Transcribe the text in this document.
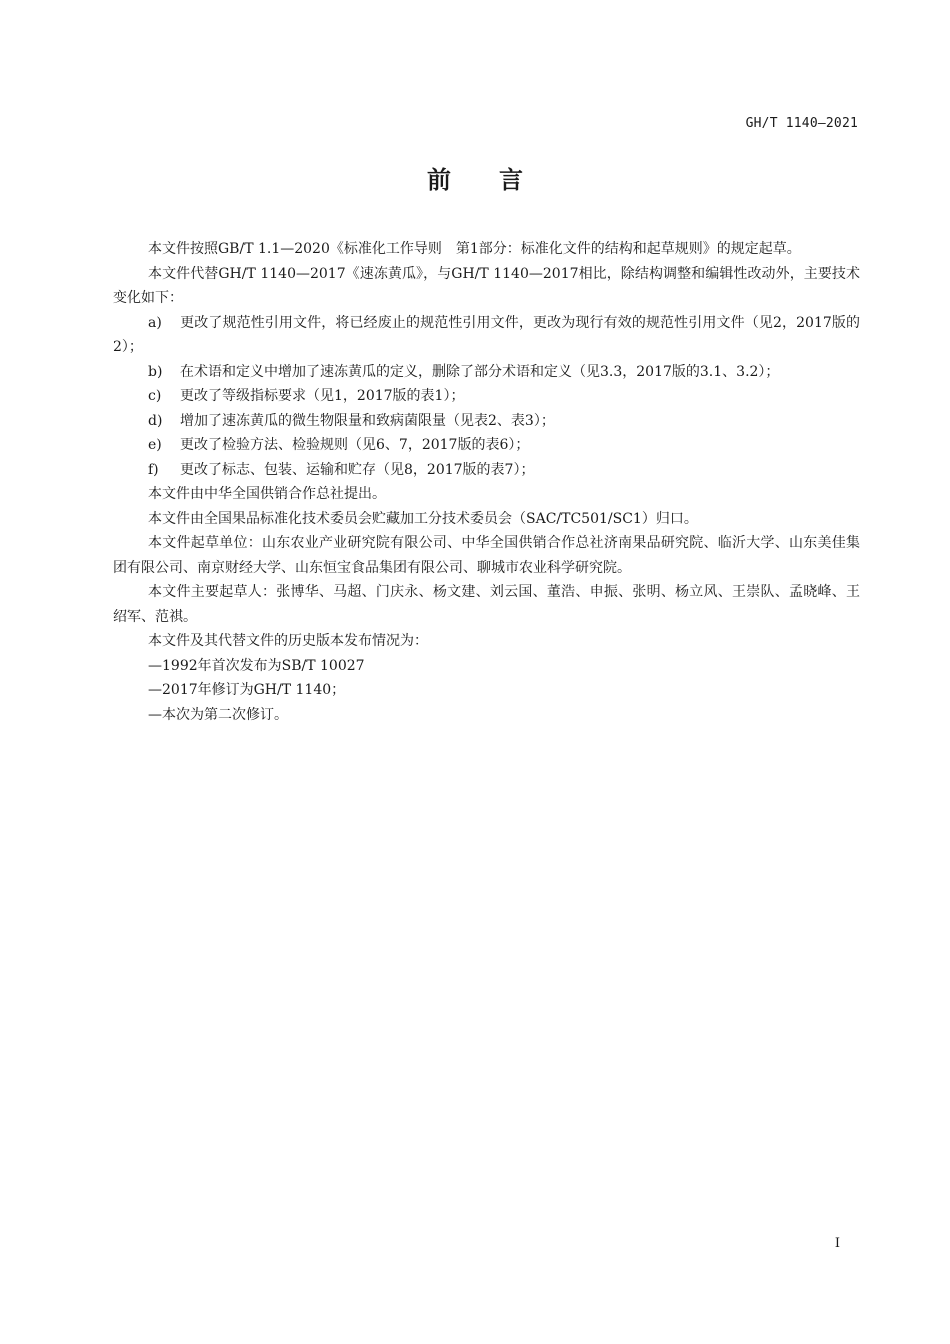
GH/T 1140—2021
前 言

本文件按照GB/T 1.1—2020《标准化工作导则　第1部分：标准化文件的结构和起草规则》的规定起草。

本文件代替GH/T 1140—2017《速冻黄瓜》，与GH/T 1140—2017相比，除结构调整和编辑性改动外，主要技术变化如下：

a) 更改了规范性引用文件，将已经废止的规范性引用文件，更改为现行有效的规范性引用文件（见2，2017版的2）；

b) 在术语和定义中增加了速冻黄瓜的定义，删除了部分术语和定义（见3.3，2017版的3.1、3.2）；

c) 更改了等级指标要求（见1，2017版的表1）；

d) 增加了速冻黄瓜的微生物限量和致病菌限量（见表2、表3）；

e) 更改了检验方法、检验规则（见6、7，2017版的表6）；

f) 更改了标志、包装、运输和贮存（见8，2017版的表7）；

本文件由中华全国供销合作总社提出。

本文件由全国果品标准化技术委员会贮藏加工分技术委员会（SAC/TC501/SC1）归口。

本文件起草单位：山东农业产业研究院有限公司、中华全国供销合作总社济南果品研究院、临沂大学、山东美佳集团有限公司、南京财经大学、山东恒宝食品集团有限公司、聊城市农业科学研究院。

本文件主要起草人：张博华、马超、门庆永、杨文建、刘云国、董浩、申振、张明、杨立风、王崇队、孟晓峰、王绍军、范祺。

本文件及其代替文件的历史版本发布情况为：

—1992年首次发布为SB/T 10027

—2017年修订为GH/T 1140；

—本次为第二次修订。

I
